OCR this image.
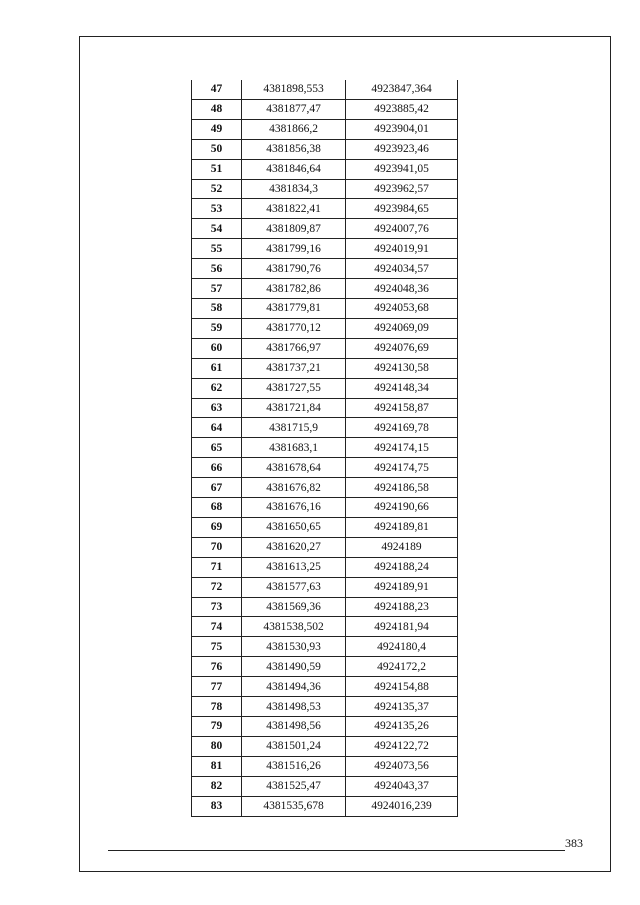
47	4381898,553	4923847,364
48	4381877,47	4923885,42
49	4381866,2	4923904,01
50	4381856,38	4923923,46
51	4381846,64	4923941,05
52	4381834,3	4923962,57
53	4381822,41	4923984,65
54	4381809,87	4924007,76
55	4381799,16	4924019,91
56	4381790,76	4924034,57
57	4381782,86	4924048,36
58	4381779,81	4924053,68
59	4381770,12	4924069,09
60	4381766,97	4924076,69
61	4381737,21	4924130,58
62	4381727,55	4924148,34
63	4381721,84	4924158,87
64	4381715,9	4924169,78
65	4381683,1	4924174,15
66	4381678,64	4924174,75
67	4381676,82	4924186,58
68	4381676,16	4924190,66
69	4381650,65	4924189,81
70	4381620,27	4924189
71	4381613,25	4924188,24
72	4381577,63	4924189,91
73	4381569,36	4924188,23
74	4381538,502	4924181,94
75	4381530,93	4924180,4
76	4381490,59	4924172,2
77	4381494,36	4924154,88
78	4381498,53	4924135,37
79	4381498,56	4924135,26
80	4381501,24	4924122,72
81	4381516,26	4924073,56
82	4381525,47	4924043,37
83	4381535,678	4924016,239
383
